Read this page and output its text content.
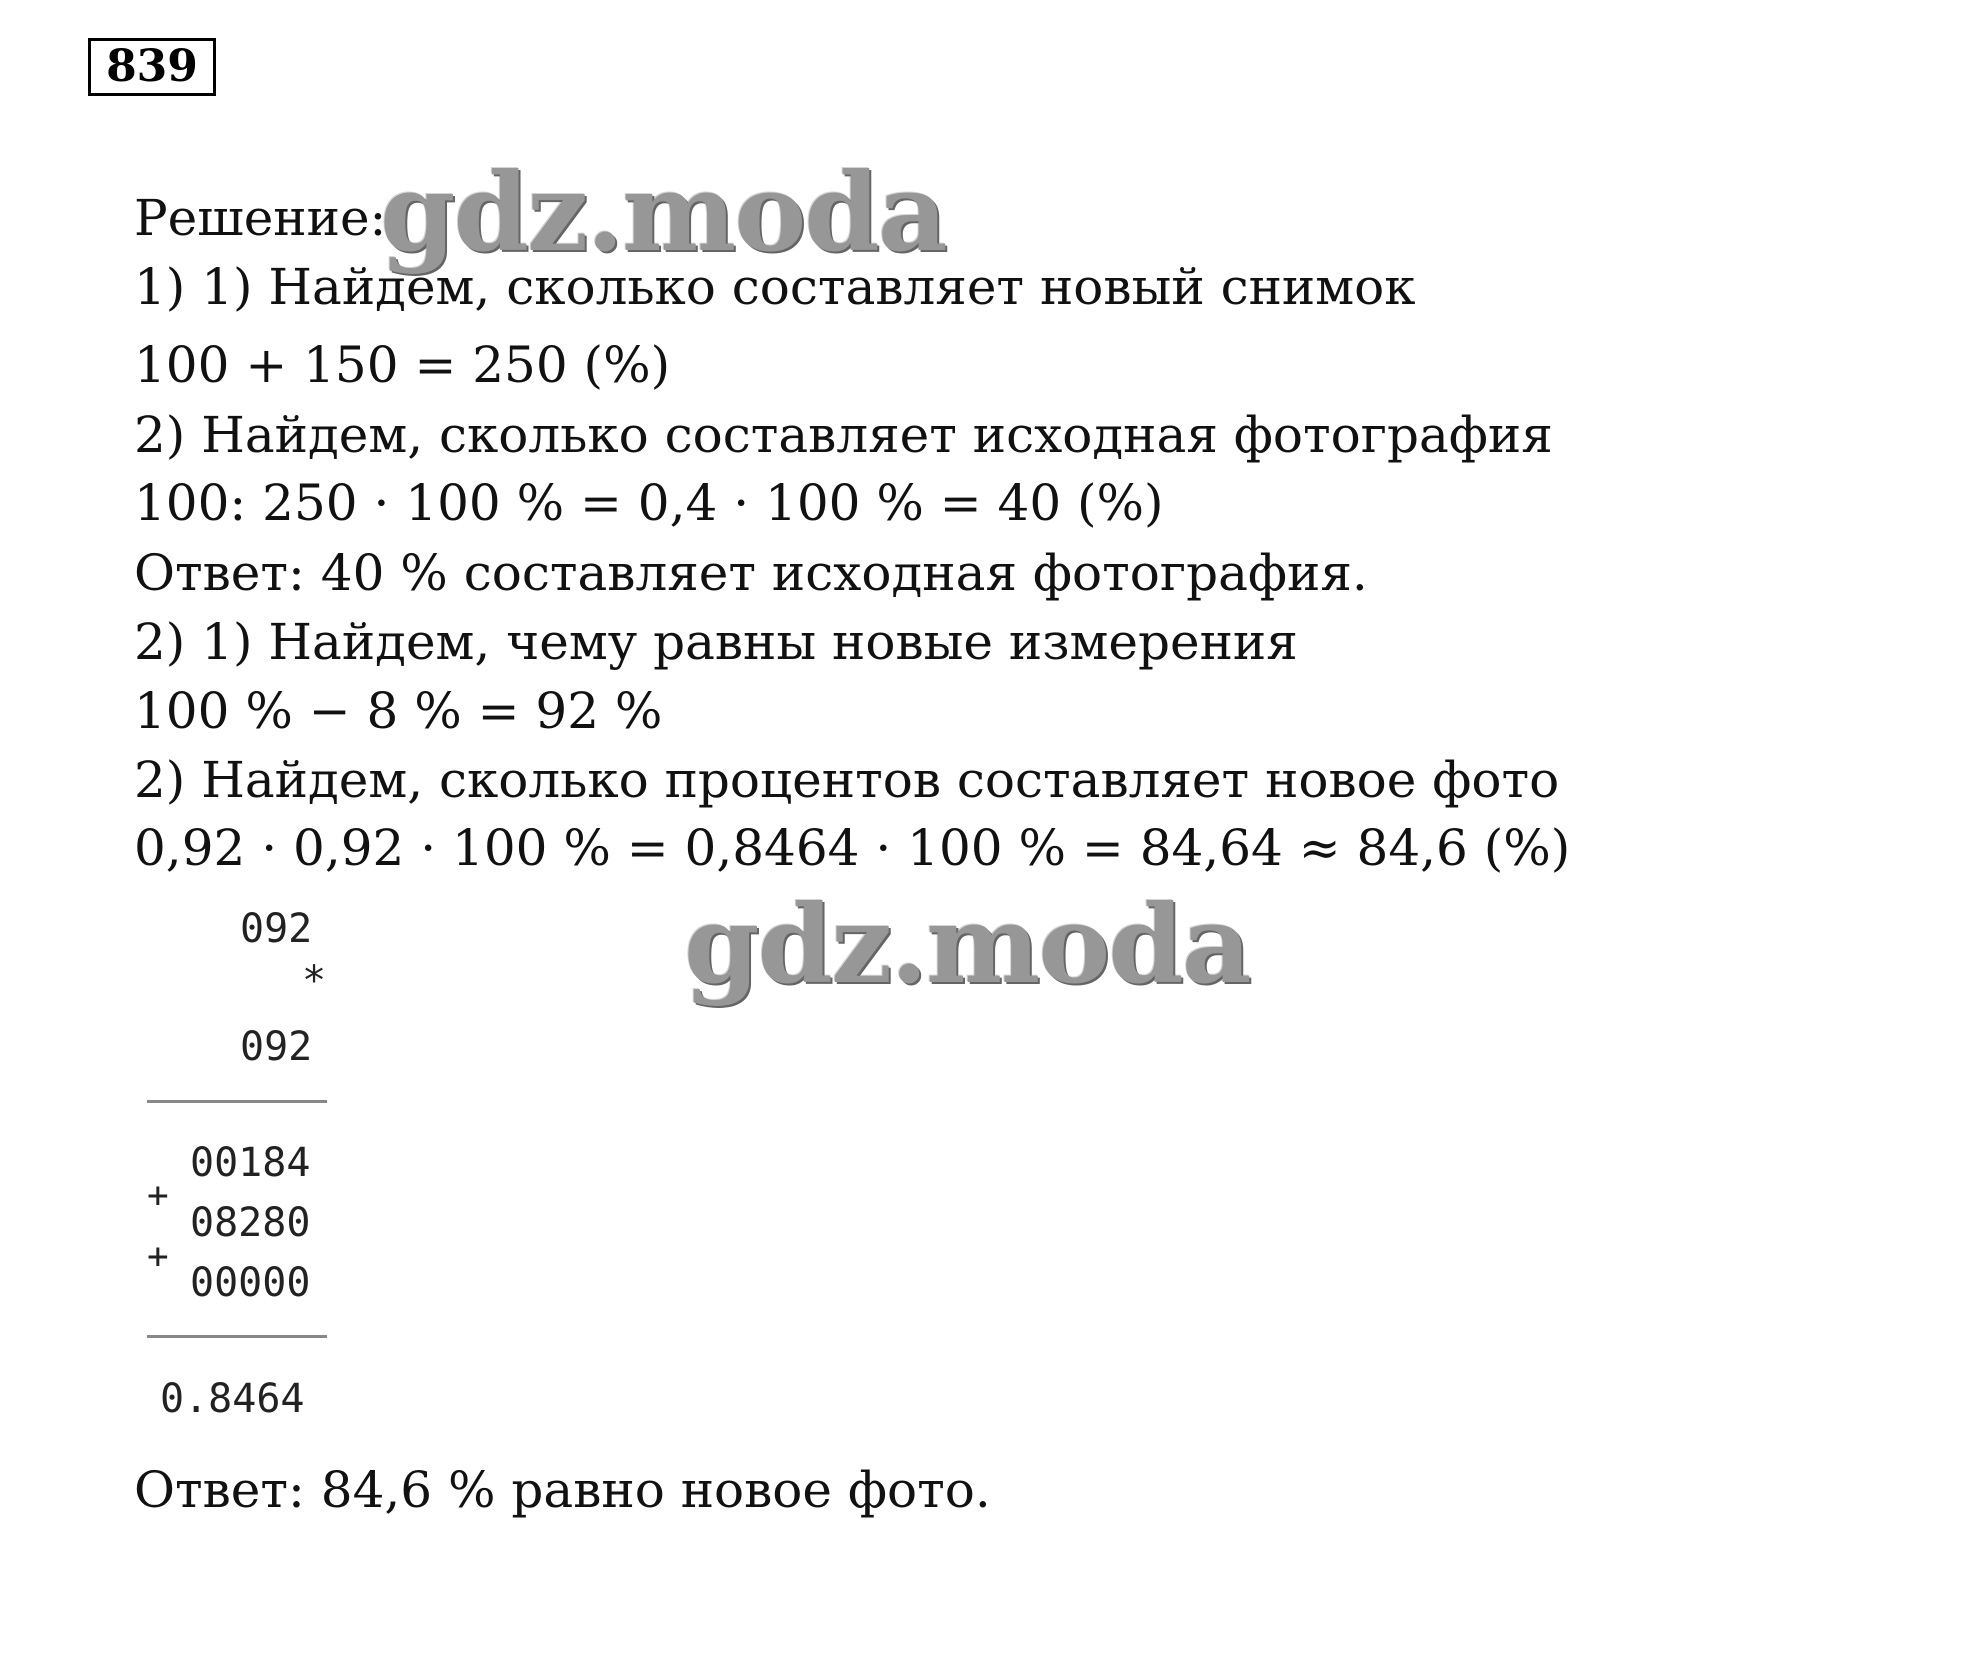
839
Решение:
1) 1) Найдем, сколько составляет новый снимок
100 + 150 = 250 (%)
2) Найдем, сколько составляет исходная фотография
100: 250 · 100 % = 0,4 · 100 % = 40 (%)
Ответ: 40 % составляет исходная фотография.
2) 1) Найдем, чему равны новые измерения
100 % − 8 % = 92 %
2) Найдем, сколько процентов составляет новое фото
0,92 · 0,92 · 100 % = 0,8464 · 100 % = 84,64 ≈ 84,6 (%)
092
*
092
00184
+
08280
+
00000
0.8464
Ответ: 84,6 % равно новое фото.
gdz.moda
gdz.moda
